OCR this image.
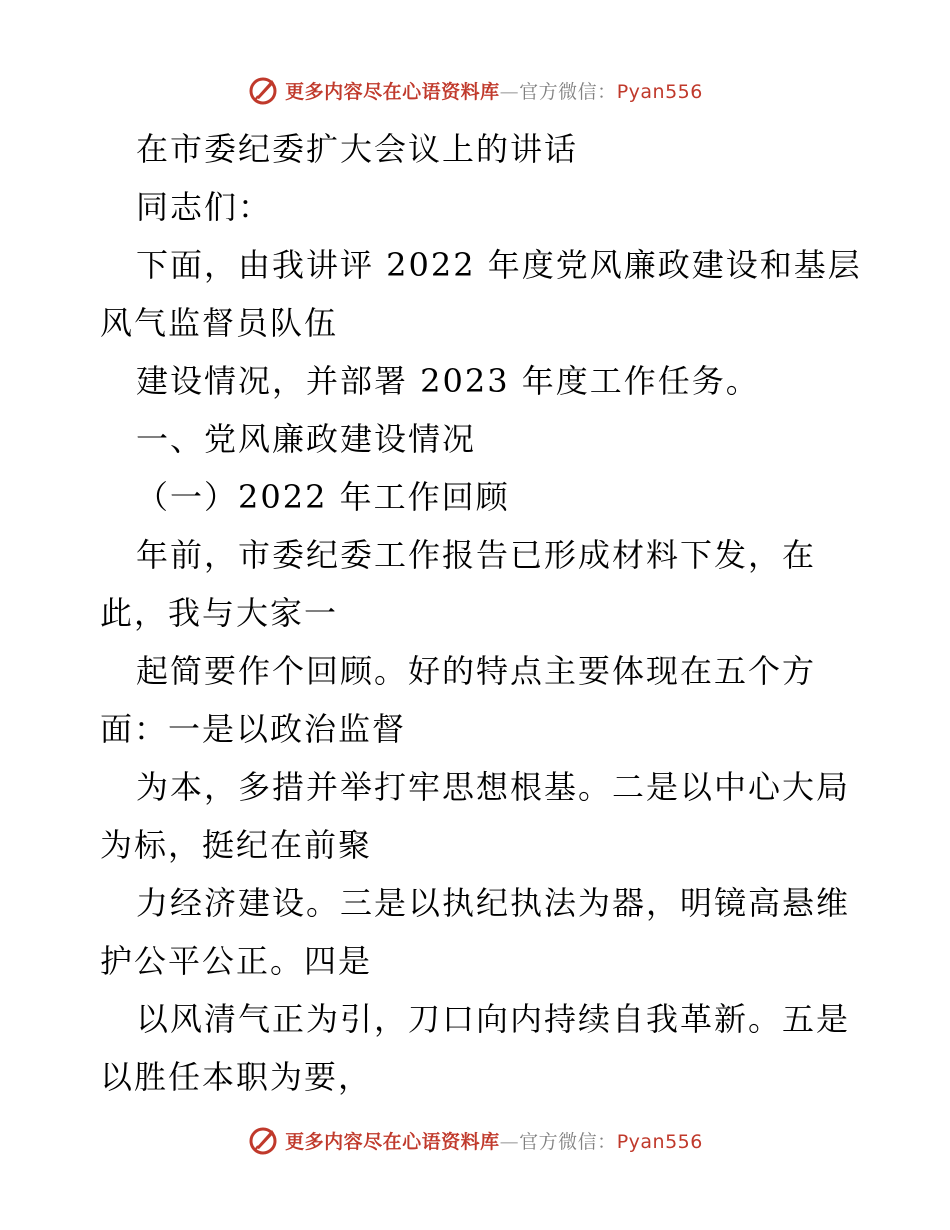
更多内容尽在心语资料库—官方微信：Pyan556
在市委纪委扩大会议上的讲话
同志们：
下面，由我讲评 2022 年度党风廉政建设和基层
风气监督员队伍
建设情况，并部署 2023 年度工作任务。
一、党风廉政建设情况
（一）2022 年工作回顾
年前，市委纪委工作报告已形成材料下发，在
此，我与大家一
起简要作个回顾。好的特点主要体现在五个方
面：一是以政治监督
为本，多措并举打牢思想根基。二是以中心大局
为标，挺纪在前聚
力经济建设。三是以执纪执法为器，明镜高悬维
护公平公正。四是
以风清气正为引，刀口向内持续自我革新。五是
以胜任本职为要，
更多内容尽在心语资料库—官方微信：Pyan556
